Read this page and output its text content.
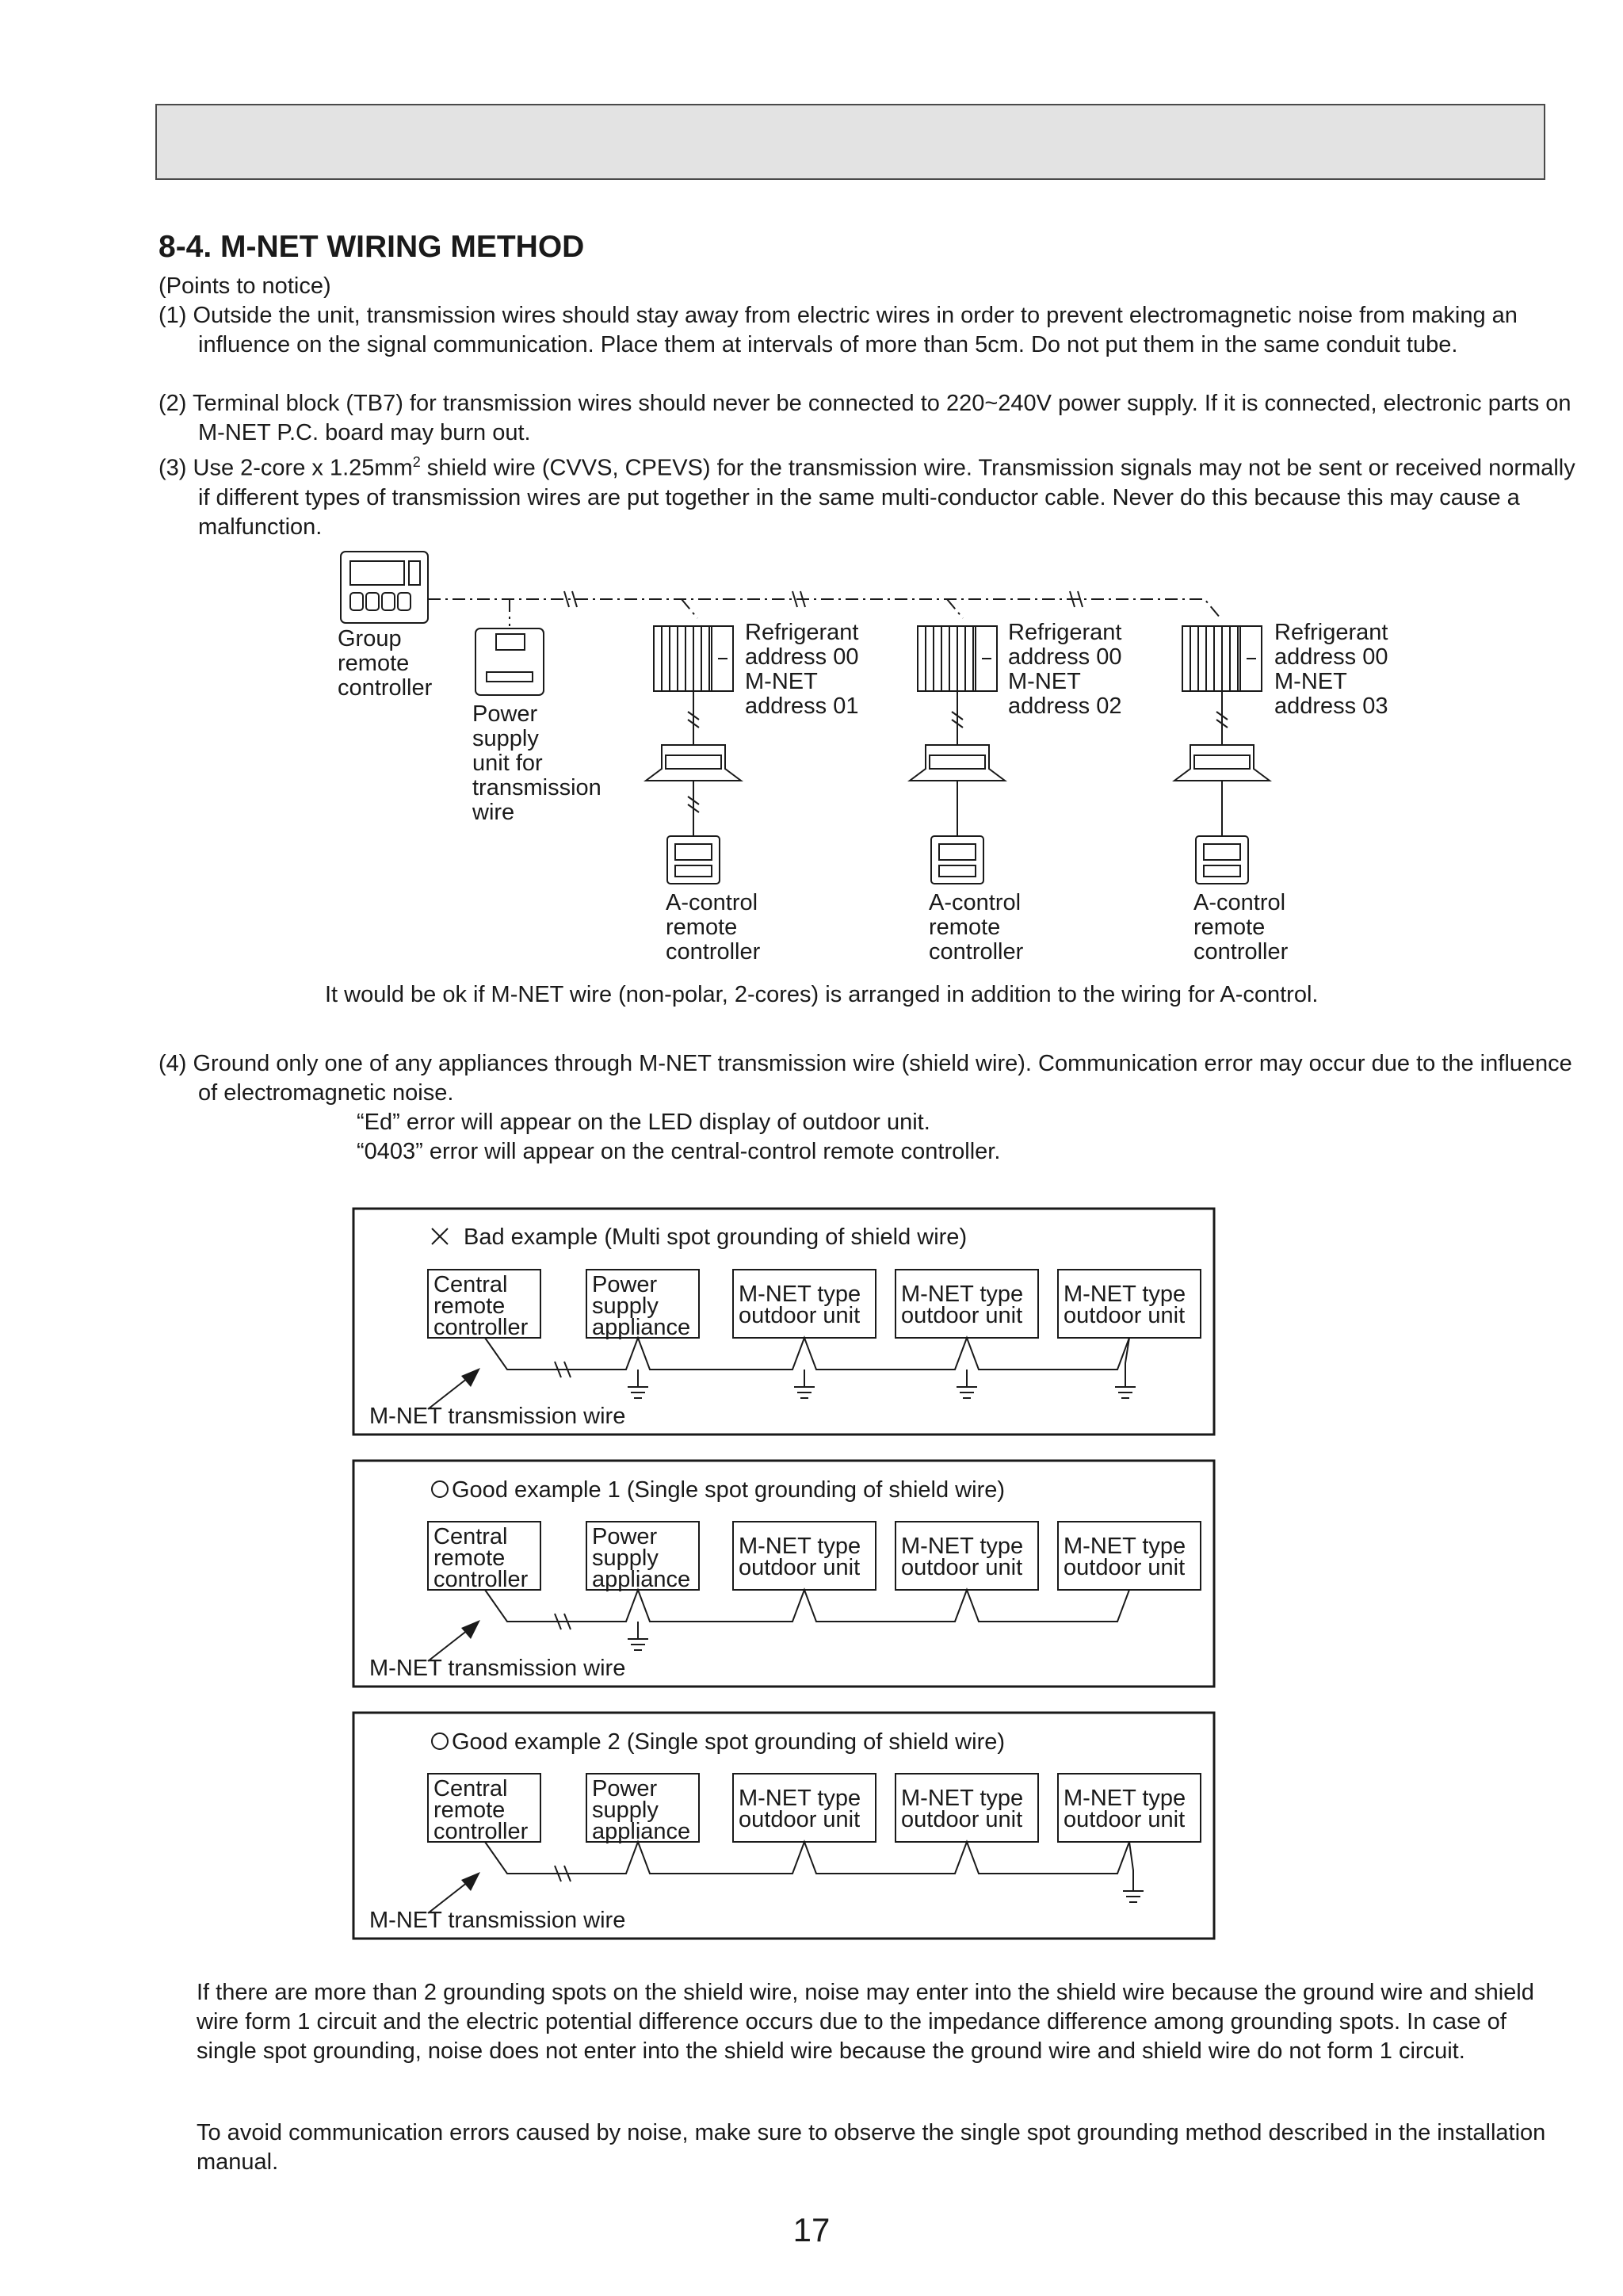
8-4. M-NET WIRING METHOD
(Points to notice)
(1) Outside the unit, transmission wires should stay away from electric wires in order to prevent electromagnetic noise from making an influence on the signal communication. Place them at intervals of more than 5cm. Do not put them in the same conduit tube.
(2) Terminal block (TB7) for transmission wires should never be connected to 220~240V power supply. If it is connected, electronic parts on M-NET P.C. board may burn out.
(3) Use 2-core x $1.25mm^2$ shield wire (CVVS, CPEVS) for the transmission wire. Transmission signals may not be sent or received normally if different types of transmission wires are put together in the same multi-conductor cable. Never do this because this may cause a malfunction.
Group
remote
controller
Power
supply
unit for
transmission
wire
Refrigerant
address 00
M-NET
address 01
A-control
remote
controller
Refrigerant
address 00
M-NET
address 02
A-control
remote
controller
Refrigerant
address 00
M-NET
address 03
A-control
remote
controller
It would be ok if M-NET wire (non-polar, 2-cores) is arranged in addition to the wiring for A-control.
(4) Ground only one of any appliances through M-NET transmission wire (shield wire). Communication error may occur due to the influence of electromagnetic noise.
“Ed” error will appear on the LED display of outdoor unit.
“0403” error will appear on the central-control remote controller.
Bad example (Multi spot grounding of shield wire)
Central
remote
controller
Power
supply
appliance
M-NET type
outdoor unit
M-NET type
outdoor unit
M-NET type
outdoor unit
M-NET transmission wire
Good example 1 (Single spot grounding of shield wire)
Central
remote
controller
Power
supply
appliance
M-NET type
outdoor unit
M-NET type
outdoor unit
M-NET type
outdoor unit
M-NET transmission wire
Good example 2 (Single spot grounding of shield wire)
Central
remote
controller
Power
supply
appliance
M-NET type
outdoor unit
M-NET type
outdoor unit
M-NET type
outdoor unit
M-NET transmission wire
If there are more than 2 grounding spots on the shield wire, noise may enter into the shield wire because the ground wire and shield wire form 1 circuit and the electric potential difference occurs due to the impedance difference among grounding spots. In case of single spot grounding, noise does not enter into the shield wire because the ground wire and shield wire do not form 1 circuit.
To avoid communication errors caused by noise, make sure to observe the single spot grounding method described in the installation manual.
17
